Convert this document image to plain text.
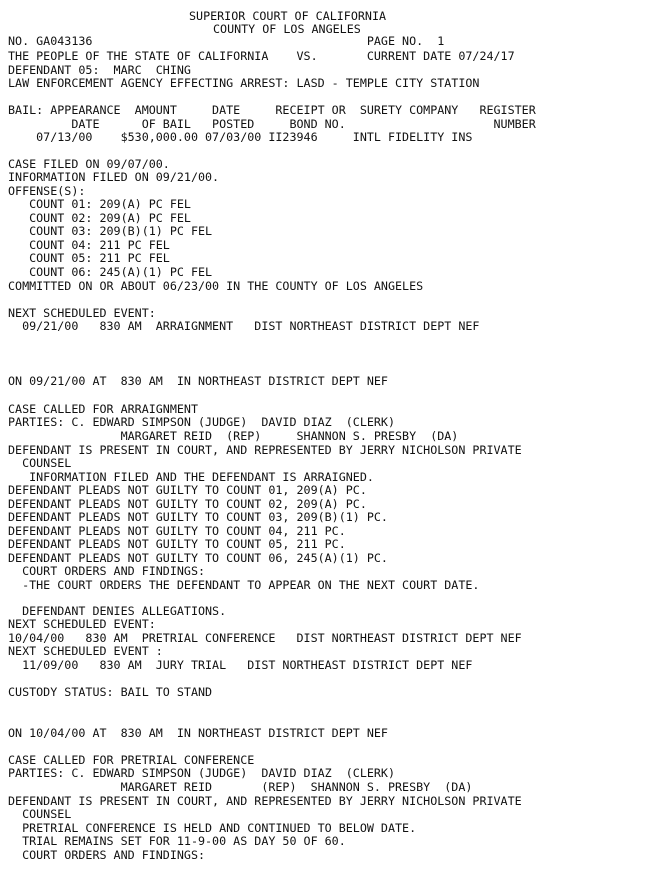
SUPERIOR COURT OF CALIFORNIA
COUNTY OF LOS ANGELES
NO. GA043136                                       PAGE NO.  1
THE PEOPLE OF THE STATE OF CALIFORNIA    VS.       CURRENT DATE 07/24/17
DEFENDANT 05:  MARC  CHING
LAW ENFORCEMENT AGENCY EFFECTING ARREST: LASD - TEMPLE CITY STATION
BAIL: APPEARANCE  AMOUNT     DATE     RECEIPT OR  SURETY COMPANY   REGISTER
DATE      OF BAIL   POSTED     BOND NO.                     NUMBER
07/13/00    $530,000.00 07/03/00 II23946     INTL FIDELITY INS
CASE FILED ON 09/07/00.
INFORMATION FILED ON 09/21/00.
OFFENSE(S):
COUNT 01: 209(A) PC FEL
COUNT 02: 209(A) PC FEL
COUNT 03: 209(B)(1) PC FEL
COUNT 04: 211 PC FEL
COUNT 05: 211 PC FEL
COUNT 06: 245(A)(1) PC FEL
COMMITTED ON OR ABOUT 06/23/00 IN THE COUNTY OF LOS ANGELES
NEXT SCHEDULED EVENT:
09/21/00   830 AM  ARRAIGNMENT   DIST NORTHEAST DISTRICT DEPT NEF
ON 09/21/00 AT  830 AM  IN NORTHEAST DISTRICT DEPT NEF
CASE CALLED FOR ARRAIGNMENT
PARTIES: C. EDWARD SIMPSON (JUDGE)  DAVID DIAZ  (CLERK)
MARGARET REID  (REP)     SHANNON S. PRESBY  (DA)
DEFENDANT IS PRESENT IN COURT, AND REPRESENTED BY JERRY NICHOLSON PRIVATE
COUNSEL
INFORMATION FILED AND THE DEFENDANT IS ARRAIGNED.
DEFENDANT PLEADS NOT GUILTY TO COUNT 01, 209(A) PC.
DEFENDANT PLEADS NOT GUILTY TO COUNT 02, 209(A) PC.
DEFENDANT PLEADS NOT GUILTY TO COUNT 03, 209(B)(1) PC.
DEFENDANT PLEADS NOT GUILTY TO COUNT 04, 211 PC.
DEFENDANT PLEADS NOT GUILTY TO COUNT 05, 211 PC.
DEFENDANT PLEADS NOT GUILTY TO COUNT 06, 245(A)(1) PC.
COURT ORDERS AND FINDINGS:
-THE COURT ORDERS THE DEFENDANT TO APPEAR ON THE NEXT COURT DATE.
DEFENDANT DENIES ALLEGATIONS.
NEXT SCHEDULED EVENT:
10/04/00   830 AM  PRETRIAL CONFERENCE   DIST NORTHEAST DISTRICT DEPT NEF
NEXT SCHEDULED EVENT :
11/09/00   830 AM  JURY TRIAL   DIST NORTHEAST DISTRICT DEPT NEF
CUSTODY STATUS: BAIL TO STAND
ON 10/04/00 AT  830 AM  IN NORTHEAST DISTRICT DEPT NEF
CASE CALLED FOR PRETRIAL CONFERENCE
PARTIES: C. EDWARD SIMPSON (JUDGE)  DAVID DIAZ  (CLERK)
MARGARET REID       (REP)  SHANNON S. PRESBY  (DA)
DEFENDANT IS PRESENT IN COURT, AND REPRESENTED BY JERRY NICHOLSON PRIVATE
COUNSEL
PRETRIAL CONFERENCE IS HELD AND CONTINUED TO BELOW DATE.
TRIAL REMAINS SET FOR 11-9-00 AS DAY 50 OF 60.
COURT ORDERS AND FINDINGS:
